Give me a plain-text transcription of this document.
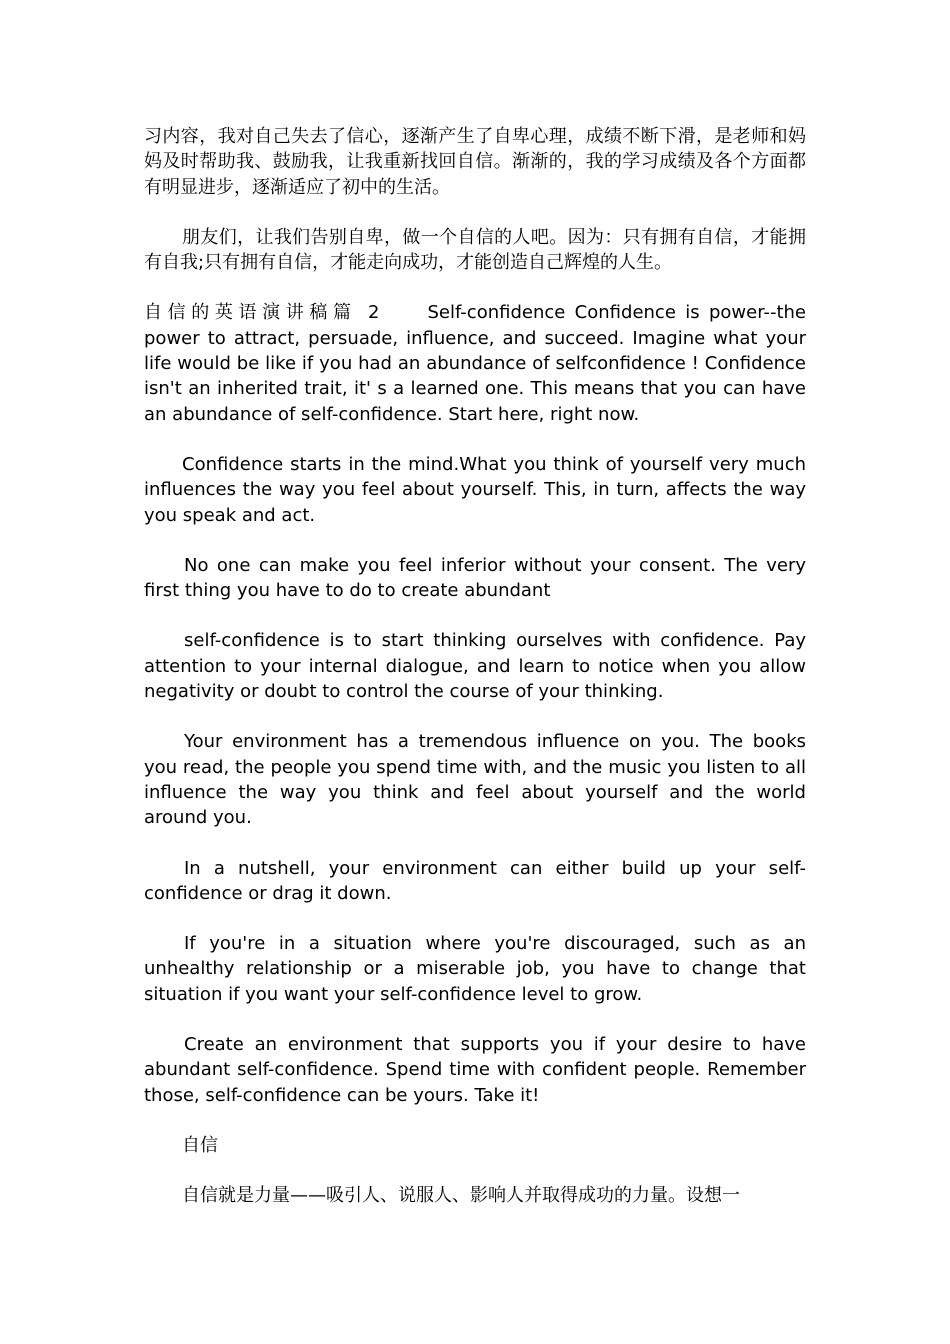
习内容，我对自己失去了信心，逐渐产生了自卑心理，成绩不断下滑，是老师和妈妈及时帮助我、鼓励我，让我重新找回自信。渐渐的，我的学习成绩及各个方面都有明显进步，逐渐适应了初中的生活。

朋友们，让我们告别自卑，做一个自信的人吧。因为：只有拥有自信，才能拥有自我;只有拥有自信，才能走向成功，才能创造自己辉煌的人生。

自信的英语演讲稿篇 2	Self-confidence Confidence is power--the power to attract, persuade, influence, and succeed. Imagine what your life would be like if you had an abundance of selfconfidence ! Confidence isn't an inherited trait, it' s a learned one. This means that you can have an abundance of self-confidence. Start here, right now.

Confidence starts in the mind.What you think of yourself very much influences the way you feel about yourself. This, in turn, affects the way you speak and act.

No one can make you feel inferior without your consent. The very first thing you have to do to create abundant

self-confidence is to start thinking ourselves with confidence. Pay attention to your internal dialogue, and learn to notice when you allow negativity or doubt to control the course of your thinking.

Your environment has a tremendous influence on you. The books you read, the people you spend time with, and the music you listen to all influence the way you think and feel about yourself and the world around you.

In a nutshell, your environment can either build up your self-confidence or drag it down.

If you're in a situation where you're discouraged, such as an unhealthy relationship or a miserable job, you have to change that situation if you want your self-confidence level to grow.

Create an environment that supports you if your desire to have abundant self-confidence. Spend time with confident people. Remember those, self-confidence can be yours. Take it!

自信

自信就是力量——吸引人、说服人、影响人并取得成功的力量。设想一
